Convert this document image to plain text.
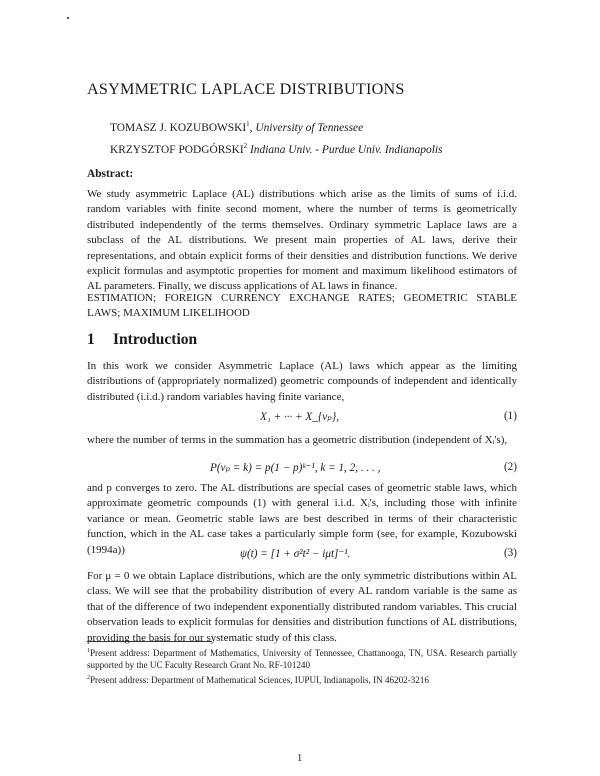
ASYMMETRIC LAPLACE DISTRIBUTIONS
TOMASZ J. KOZUBOWSKI$^1$, University of Tennessee
KRZYSZTOF PODGÓRSKI$^2$ Indiana Univ. - Purdue Univ. Indianapolis
Abstract:

We study asymmetric Laplace (AL) distributions which arise as the limits of sums of i.i.d. random variables with finite second moment, where the number of terms is geometrically distributed independently of the terms themselves. Ordinary symmetric Laplace laws are a subclass of the AL distributions. We present main properties of AL laws, derive their representations, and obtain explicit forms of their densities and distribution functions. We derive explicit formulas and asymptotic properties for moment and maximum likelihood estimators of AL parameters. Finally, we discuss applications of AL laws in finance.

ESTIMATION; FOREIGN CURRENCY EXCHANGE RATES; GEOMETRIC STABLE LAWS; MAXIMUM LIKELIHOOD

1 Introduction

In this work we consider Asymmetric Laplace (AL) laws which appear as the limiting distributions of (appropriately normalized) geometric compounds of independent and identically distributed (i.i.d.) random variables having finite variance,

X₁ + ··· + X_{νₚ},	(1)

where the number of terms in the summation has a geometric distribution (independent of Xᵢ's),

P(νₚ = k) = p(1 − p)ᵏ⁻¹, k = 1, 2, . . . ,	(2)

and p converges to zero. The AL distributions are special cases of geometric stable laws, which approximate geometric compounds (1) with general i.i.d. Xᵢ's, including those with infinite variance or mean. Geometric stable laws are best described in terms of their characteristic function, which in the AL case takes a particularly simple form (see, for example, Kozubowski (1994a))	ψ(t) = [1 + σ²t² − iμt]⁻¹.	(3)

For μ = 0 we obtain Laplace distributions, which are the only symmetric distributions within AL class. We will see that the probability distribution of every AL random variable is the same as that of the difference of two independent exponentially distributed random variables. This crucial observation leads to explicit formulas for densities and distribution functions of AL distributions, providing the basis for our systematic study of this class.

$^1$Present address: Department of Mathematics, University of Tennessee, Chattanooga, TN, USA. Research partially supported by the UC Faculty Research Grant No. RF-101240

$^2$Present address: Department of Mathematical Sciences, IUPUI, Indianapolis, IN 46202-3216

1
